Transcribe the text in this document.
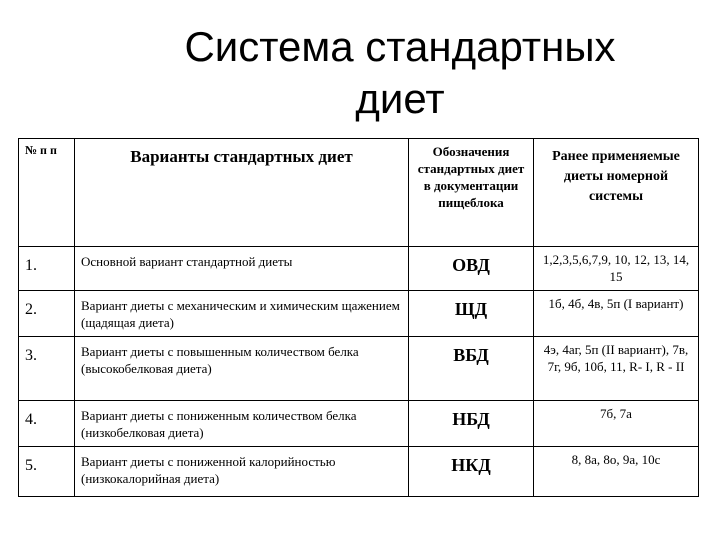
Система стандартных
диет
№ п п	Варианты стандартных диет	Обозначения стандартных диет в документации пищеблока	Ранее применяемые диеты номерной системы
1.	Основной вариант стандартной диеты	ОВД	1,2,3,5,6,7,9, 10, 12, 13, 14, 15
2.	Вариант диеты с механическим и химическим щажением (щадящая диета)	ЩД	1б, 4б, 4в, 5п (I вариант)
3.	Вариант диеты с повышенным количеством белка (высокобелковая диета)	ВБД	4э, 4аг, 5п (II вариант), 7в, 7г, 9б, 10б, 11, R- I, R - II
4.	Вариант диеты с пониженным количеством белка (низкобелковая диета)	НБД	7б, 7а
5.	Вариант диеты с пониженной калорийностью (низкокалорийная диета)	НКД	8, 8а, 8о, 9а, 10с
